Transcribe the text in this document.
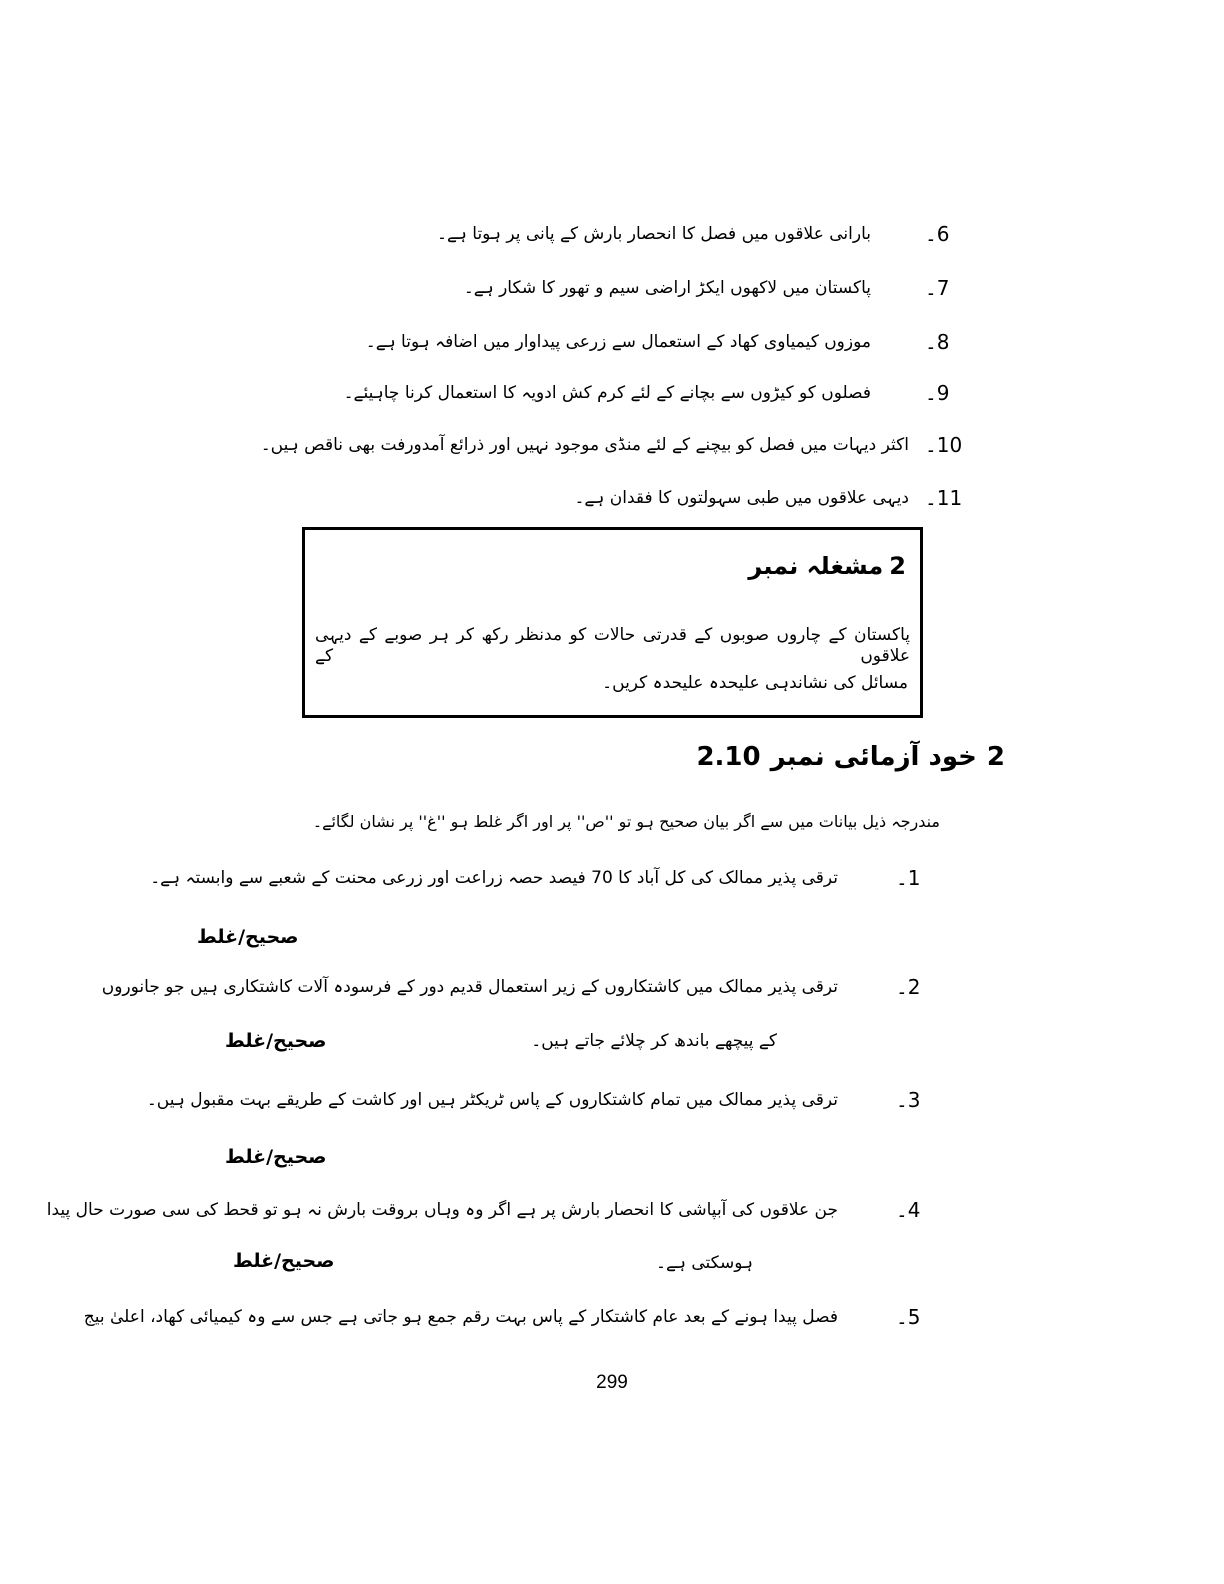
6۔
بارانی علاقوں میں فصل کا انحصار بارش کے پانی پر ہوتا ہے۔
7۔
پاکستان میں لاکھوں ایکڑ اراضی سیم و تھور کا شکار ہے۔
8۔
موزوں کیمیاوی کھاد کے استعمال سے زرعی پیداوار میں اضافہ ہوتا ہے۔
9۔
فصلوں کو کیڑوں سے بچانے کے لئے کرم کش ادویہ کا استعمال کرنا چاہیئے۔
10۔
اکثر دیہات میں فصل کو بیچنے کے لئے منڈی موجود نہیں اور ذرائع آمدورفت بھی ناقص ہیں۔
11۔
دیہی علاقوں میں طبی سہولتوں کا فقدان ہے۔
مشغلہ نمبر 2
پاکستان کے چاروں صوبوں کے قدرتی حالات کو مدنظر رکھ کر ہر صوبے کے دیہی علاقوں کے
مسائل کی نشاندہی علیحدہ علیحدہ کریں۔
2.10 خود آزمائی نمبر 2
مندرجہ ذیل بیانات میں سے اگر بیان صحیح ہو تو ''ص'' پر اور اگر غلط ہو ''غ'' پر نشان لگائے۔
1۔
ترقی پذیر ممالک کی کل آباد کا 70 فیصد حصہ زراعت اور زرعی محنت کے شعبے سے وابستہ ہے۔
صحیح/غلط
2۔
ترقی پذیر ممالک میں کاشتکاروں کے زیر استعمال قدیم دور کے فرسودہ آلات کاشتکاری ہیں جو جانوروں
کے پیچھے باندھ کر چلائے جاتے ہیں۔
صحیح/غلط
3۔
ترقی پذیر ممالک میں تمام کاشتکاروں کے پاس ٹریکٹر ہیں اور کاشت کے طریقے بہت مقبول ہیں۔
صحیح/غلط
4۔
جن علاقوں کی آبپاشی کا انحصار بارش پر ہے اگر وہ وہاں بروقت بارش نہ ہو تو قحط کی سی صورت حال پیدا
ہوسکتی ہے۔
صحیح/غلط
5۔
فصل پیدا ہونے کے بعد عام کاشتکار کے پاس بہت رقم جمع ہو جاتی ہے جس سے وہ کیمیائی کھاد، اعلیٰ بیج
299
